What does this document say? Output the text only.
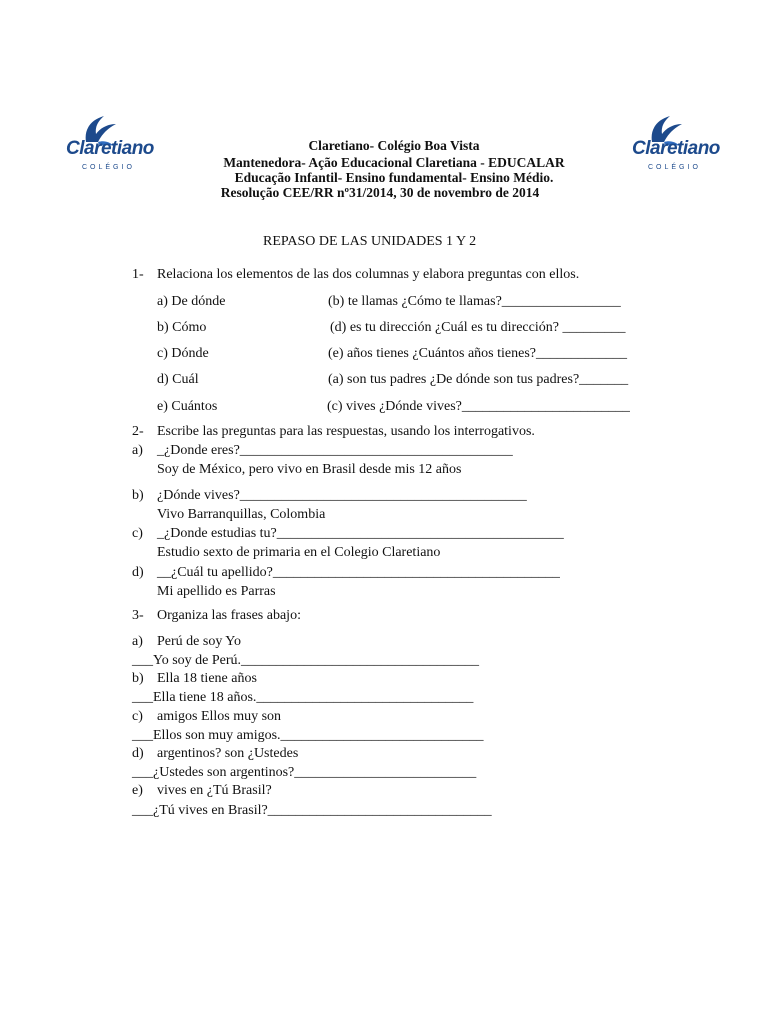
Claretiano
COLÉGIO
Claretiano
COLÉGIO
Claretiano- Colégio Boa Vista
Mantenedora- Ação Educacional Claretiana - EDUCALAR
Educação Infantil- Ensino fundamental- Ensino Médio.
Resolução CEE/RR nº31/2014, 30 de novembro de 2014
REPASO DE LAS UNIDADES 1 Y 2
1- Relaciona los elementos de las dos columnas y elabora preguntas con ellos.
a) De dónde	(b) te llamas ¿Cómo te llamas?_________________
b) Cómo	(d) es tu dirección ¿Cuál es tu dirección? _________
c) Dónde	(e) años tienes ¿Cuántos años tienes?_____________
d) Cuál	(a) son tus padres ¿De dónde son tus padres?_______
e) Cuántos	(c) vives ¿Dónde vives?________________________
2- Escribe las preguntas para las respuestas, usando los interrogativos.
a) _¿Donde eres?_______________________________________
Soy de México, pero vivo en Brasil desde mis 12 años
b) ¿Dónde vives?_________________________________________
Vivo Barranquillas, Colombia
c) _¿Donde estudias tu?_________________________________________
Estudio sexto de primaria en el Colegio Claretiano
d) __¿Cuál tu apellido?_________________________________________
Mi apellido es Parras
3- Organiza las frases abajo:
a) Perú de soy Yo
___Yo soy de Perú.__________________________________
b) Ella 18 tiene años
___Ella tiene 18 años._______________________________
c) amigos Ellos muy son
___Ellos son muy amigos._____________________________
d) argentinos? son ¿Ustedes
___¿Ustedes son argentinos?__________________________
e) vives en ¿Tú Brasil?
___¿Tú vives en Brasil?________________________________
